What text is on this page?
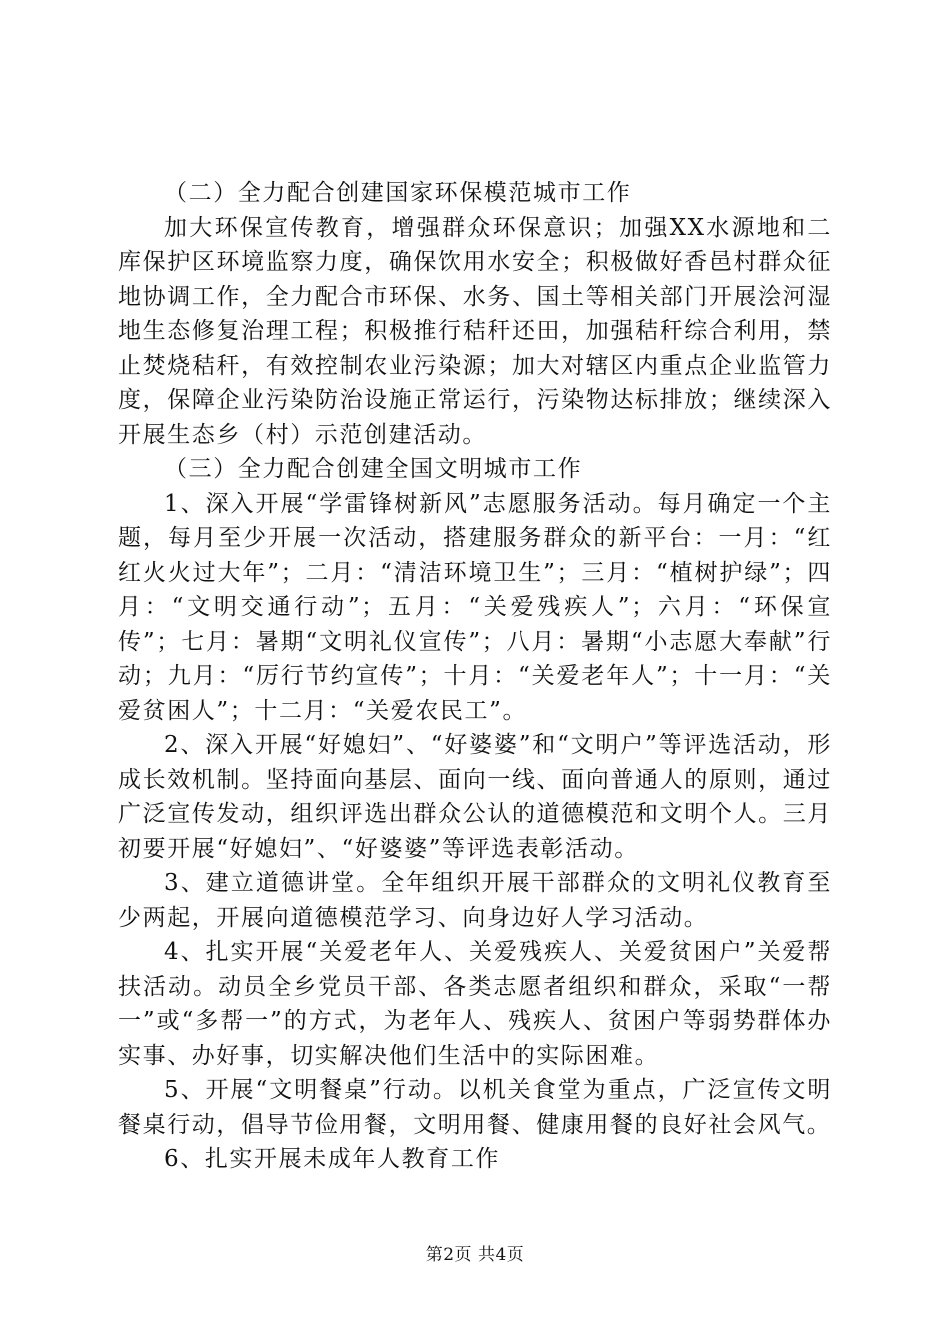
（二）全力配合创建国家环保模范城市工作

加大环保宣传教育，增强群众环保意识；加强XX水源地和二库保护区环境监察力度，确保饮用水安全；积极做好香邑村群众征地协调工作，全力配合市环保、水务、国土等相关部门开展浍河湿地生态修复治理工程；积极推行秸秆还田，加强秸秆综合利用，禁止焚烧秸秆，有效控制农业污染源；加大对辖区内重点企业监管力度，保障企业污染防治设施正常运行，污染物达标排放；继续深入开展生态乡（村）示范创建活动。

（三）全力配合创建全国文明城市工作

1、深入开展“学雷锋树新风”志愿服务活动。每月确定一个主题，每月至少开展一次活动，搭建服务群众的新平台：一月：“红红火火过大年”；二月：“清洁环境卫生”；三月：“植树护绿”；四月：“文明交通行动”；五月：“关爱残疾人”；六月：“环保宣传”；七月：暑期“文明礼仪宣传”；八月：暑期“小志愿大奉献”行动；九月：“厉行节约宣传”；十月：“关爱老年人”；十一月：“关爱贫困人”；十二月：“关爱农民工”。

2、深入开展“好媳妇”、“好婆婆”和“文明户”等评选活动，形成长效机制。坚持面向基层、面向一线、面向普通人的原则，通过广泛宣传发动，组织评选出群众公认的道德模范和文明个人。三月初要开展“好媳妇”、“好婆婆”等评选表彰活动。

3、建立道德讲堂。全年组织开展干部群众的文明礼仪教育至少两起，开展向道德模范学习、向身边好人学习活动。

4、扎实开展“关爱老年人、关爱残疾人、关爱贫困户”关爱帮扶活动。动员全乡党员干部、各类志愿者组织和群众，采取“一帮一”或“多帮一”的方式，为老年人、残疾人、贫困户等弱势群体办实事、办好事，切实解决他们生活中的实际困难。

5、开展“文明餐桌”行动。以机关食堂为重点，广泛宣传文明餐桌行动，倡导节俭用餐，文明用餐、健康用餐的良好社会风气。

6、扎实开展未成年人教育工作

第2页 共4页
